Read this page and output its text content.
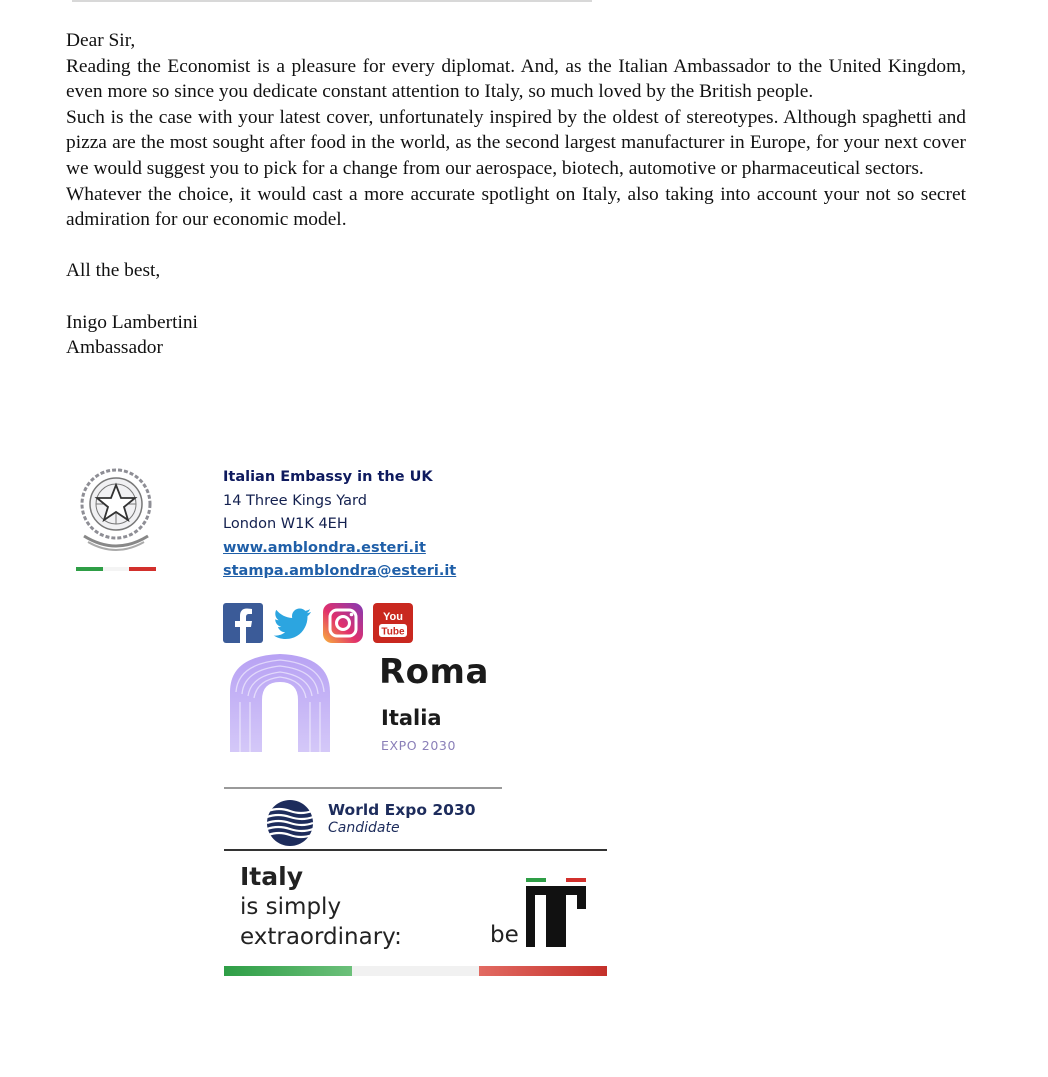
Dear Sir,

Reading the Economist is a pleasure for every diplomat. And, as the Italian Ambassador to the United Kingdom, even more so since you dedicate constant attention to Italy, so much loved by the British people.

Such is the case with your latest cover, unfortunately inspired by the oldest of stereotypes. Although spaghetti and pizza are the most sought after food in the world, as the second largest manufacturer in Europe, for your next cover we would suggest you to pick for a change from our aerospace, biotech, automotive or pharmaceutical sectors.

Whatever the choice, it would cast a more accurate spotlight on Italy, also taking into account your not so secret admiration for our economic model.

All the best,

Inigo Lambertini

Ambassador

Italian Embassy in the UK
14 Three Kings Yard
London W1K 4EH
www.amblondra.esteri.it
stampa.amblondra@esteri.it
You
Tube
Roma
Italia
EXPO 2030
World Expo 2030
Candidate
Italy
is simply
extraordinary:	be
